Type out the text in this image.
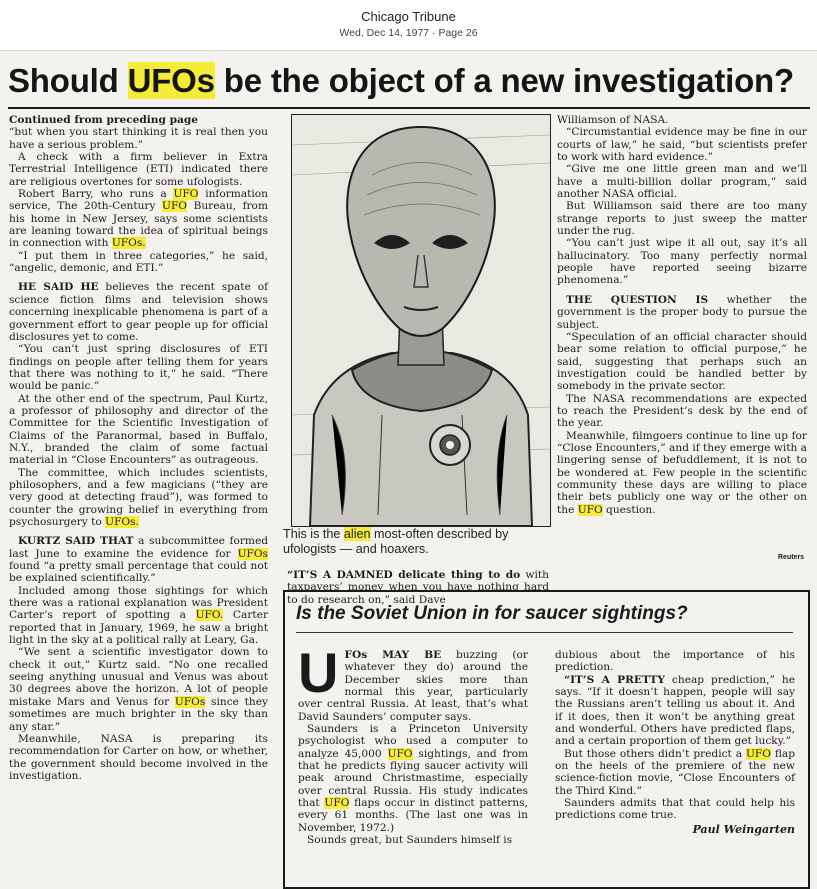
Chicago Tribune
Wed, Dec 14, 1977 · Page 26
Should UFOs be the object of a new investigation?

Continued from preceding page

“but when you start thinking it is real then you have a serious problem.”

A check with a firm believer in Extra Terrestrial Intelligence (ETI) indicated there are religious overtones for some ufologists.

Robert Barry, who runs a UFO information service, The 20th-Century UFO Bureau, from his home in New Jersey, says some scientists are leaning toward the idea of spiritual beings in connection with UFOs.

“I put them in three categories,” he said, “angelic, demonic, and ETI.”

HE SAID HE believes the recent spate of science fiction films and television shows concerning inexplicable phenomena is part of a government effort to gear people up for official disclosures yet to come.

“You can’t just spring disclosures of ETI findings on people after telling them for years that there was nothing to it,” he said. “There would be panic.”

At the other end of the spectrum, Paul Kurtz, a professor of philosophy and director of the Committee for the Scientific Investigation of Claims of the Paranormal, based in Buffalo, N.Y., branded the claim of some factual material in “Close Encounters” as outrageous.

The committee, which includes scientists, philosophers, and a few magicians (“they are very good at detecting fraud”), was formed to counter the growing belief in everything from psychosurgery to UFOs.

KURTZ SAID THAT a subcommittee formed last June to examine the evidence for UFOs found “a pretty small percentage that could not be explained scientifically.”

Included among those sightings for which there was a rational explanation was President Carter’s report of spotting a UFO. Carter reported that in January, 1969, he saw a bright light in the sky at a political rally at Leary, Ga.

“We sent a scientific investigator down to check it out,” Kurtz said. “No one recalled seeing anything unusual and Venus was about 30 degrees above the horizon. A lot of people mistake Mars and Venus for UFOs since they sometimes are much brighter in the sky than any star.”

Meanwhile, NASA is preparing its recommendation for Carter on how, or whether, the government should become involved in the investigation.

This is the alien most-often described by ufologists — and hoaxers.
“IT’S A DAMNED delicate thing to do with taxpayers’ money when you have nothing hard to do research on,” said Dave

Williamson of NASA.

“Circumstantial evidence may be fine in our courts of law,” he said, “but scientists prefer to work with hard evidence.”

“Give me one little green man and we’ll have a multi-billion dollar program,” said another NASA official.

But Williamson said there are too many strange reports to just sweep the matter under the rug.

“You can’t just wipe it all out, say it’s all hallucinatory. Too many perfectly normal people have reported seeing bizarre phenomena.”

THE QUESTION IS whether the government is the proper body to pursue the subject.

“Speculation of an official character should bear some relation to official purpose,” he said, suggesting that perhaps such an investigation could be handled better by somebody in the private sector.

The NASA recommendations are expected to reach the President’s desk by the end of the year.

Meanwhile, filmgoers continue to line up for “Close Encounters,” and if they emerge with a lingering sense of befuddlement, it is not to be wondered at. Few people in the scientific community these days are willing to place their bets publicly one way or the other on the UFO question.

Reuters
Is the Soviet Union in for saucer sightings?

U FOs MAY BE buzzing (or whatever they do) around the December skies more than normal this year, particularly over central Russia. At least, that’s what David Saunders’ computer says.

Saunders is a Princeton University psychologist who used a computer to analyze 45,000 UFO sightings, and from that he predicts flying saucer activity will peak around Christmastime, especially over central Russia. His study indicates that UFO flaps occur in distinct patterns, every 61 months. (The last one was in November, 1972.)

Sounds great, but Saunders himself is

dubious about the importance of his prediction.

“IT’S A PRETTY cheap prediction,” he says. “If it doesn’t happen, people will say the Russians aren’t telling us about it. And if it does, then it won’t be anything great and wonderful. Others have predicted flaps, and a certain proportion of them get lucky.”

But those others didn’t predict a UFO flap on the heels of the premiere of the new science-fiction movie, “Close Encounters of the Third Kind.”

Saunders admits that that could help his predictions come true.

Paul Weingarten
